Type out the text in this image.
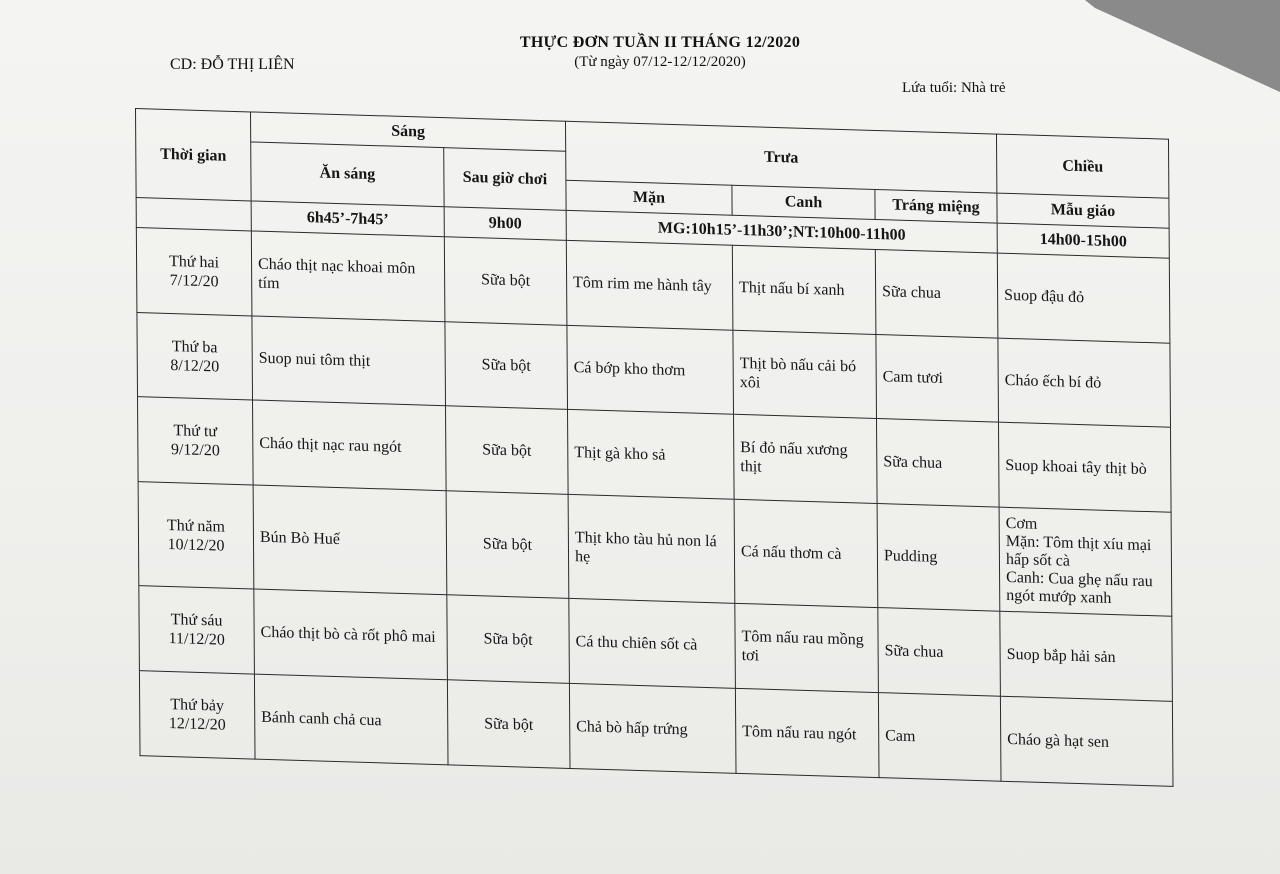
THỰC ĐƠN TUẦN II THÁNG 12/2020
(Từ ngày 07/12-12/12/2020)
CD: ĐỖ THỊ LIÊN
Lứa tuổi: Nhà trẻ
Thời gian	Sáng		Trưa			Chiều
	Ăn sáng	Sau giờ chơi				
			Mặn	Canh	Tráng miệng	Mẫu giáo
	6h45’-7h45’	9h00	MG:10h15’-11h30’;NT:10h00-11h00			14h00-15h00
Thứ hai
7/12/20	Cháo thịt nạc khoai môn tím	Sữa bột	Tôm rim me hành tây	Thịt nấu bí xanh	Sữa chua	Suop đậu đỏ
Thứ ba
8/12/20	Suop nui tôm thịt	Sữa bột	Cá bớp kho thơm	Thịt bò nấu cải bó xôi	Cam tươi	Cháo ếch bí đỏ
Thứ tư
9/12/20	Cháo thịt nạc rau ngót	Sữa bột	Thịt gà kho sả	Bí đỏ nấu xương thịt	Sữa chua	Suop khoai tây thịt bò
Thứ năm
10/12/20	Bún Bò Huế	Sữa bột	Thịt kho tàu hủ non lá hẹ	Cá nấu thơm cà	Pudding	Cơm
Mặn: Tôm thịt xíu mại hấp sốt cà
Canh: Cua ghẹ nấu rau ngót mướp xanh
Thứ sáu
11/12/20	Cháo thịt bò cà rốt phô mai	Sữa bột	Cá thu chiên sốt cà	Tôm nấu rau mồng tơi	Sữa chua	Suop bắp hải sản
Thứ bảy
12/12/20	Bánh canh chả cua	Sữa bột	Chả bò hấp trứng	Tôm nấu rau ngót	Cam	Cháo gà hạt sen
